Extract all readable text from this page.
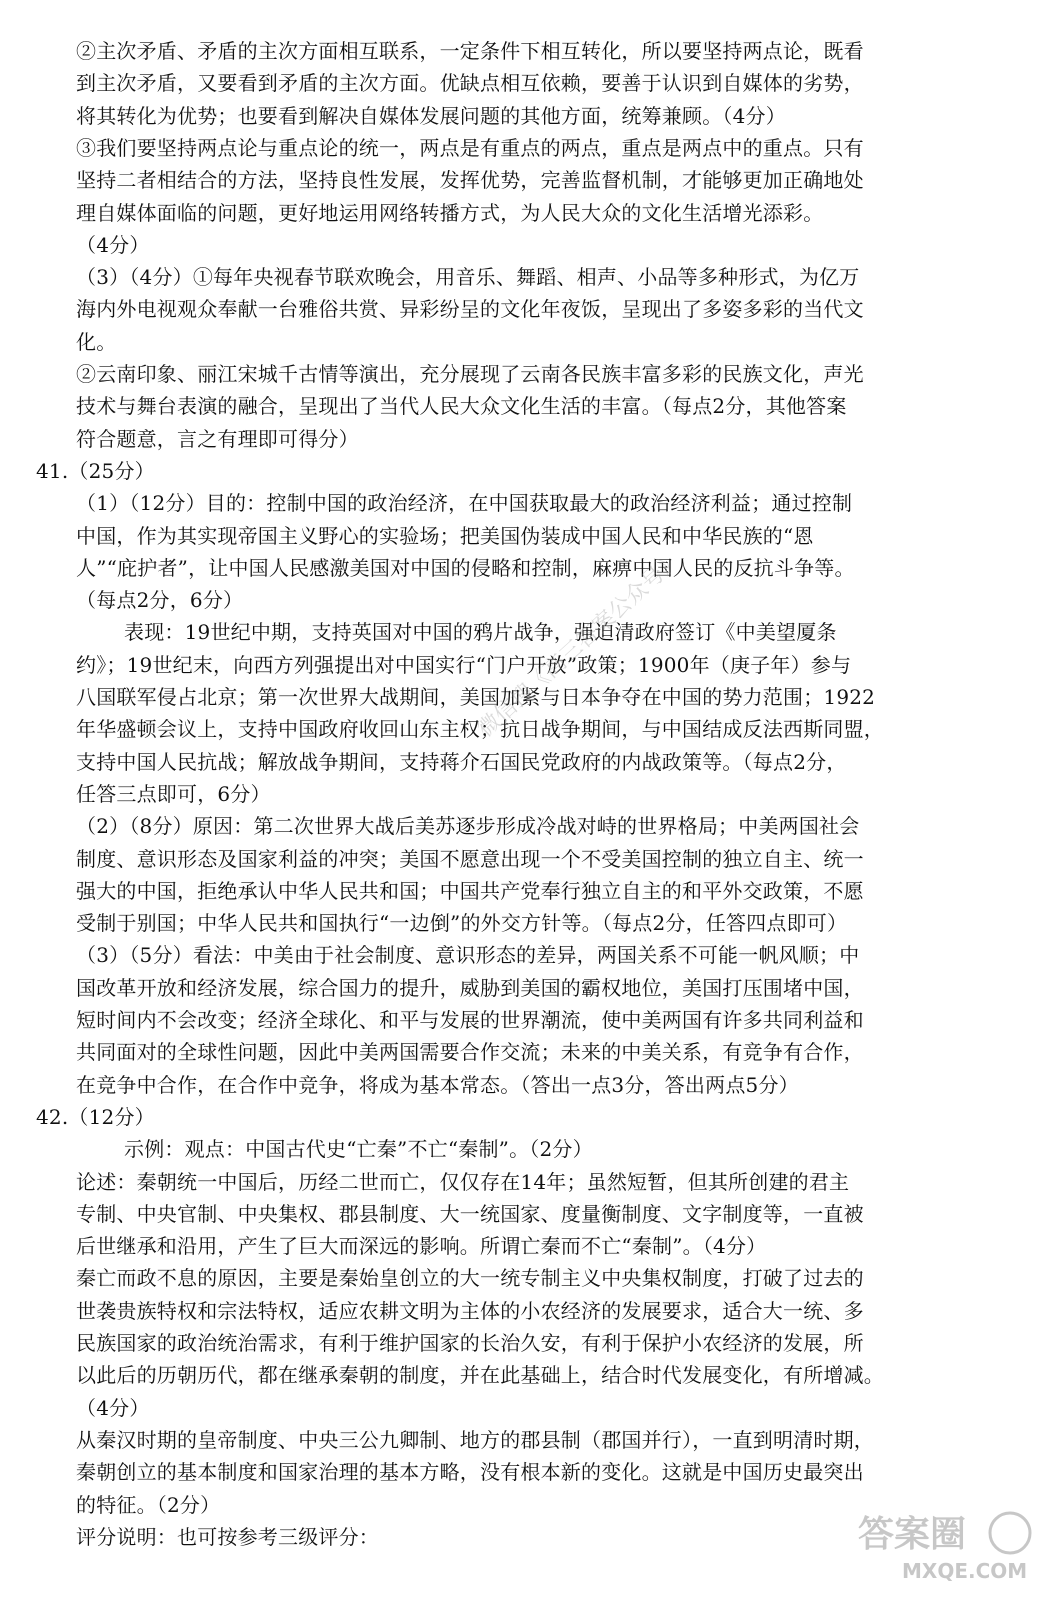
②主次矛盾、矛盾的主次方面相互联系，一定条件下相互转化，所以要坚持两点论，既看
到主次矛盾，又要看到矛盾的主次方面。优缺点相互依赖，要善于认识到自媒体的劣势，
将其转化为优势；也要看到解决自媒体发展问题的其他方面，统筹兼顾。（4分）
③我们要坚持两点论与重点论的统一，两点是有重点的两点，重点是两点中的重点。只有
坚持二者相结合的方法，坚持良性发展，发挥优势，完善监督机制，才能够更加正确地处
理自媒体面临的问题，更好地运用网络转播方式，为人民大众的文化生活增光添彩。
（4分）
（3）（4分）①每年央视春节联欢晚会，用音乐、舞蹈、相声、小品等多种形式，为亿万
海内外电视观众奉献一台雅俗共赏、异彩纷呈的文化年夜饭，呈现出了多姿多彩的当代文
化。
②云南印象、丽江宋城千古情等演出，充分展现了云南各民族丰富多彩的民族文化，声光
技术与舞台表演的融合，呈现出了当代人民大众文化生活的丰富。（每点2分，其他答案
符合题意，言之有理即可得分）
41.（25分）
（1）（12分）目的：控制中国的政治经济，在中国获取最大的政治经济利益；通过控制
中国，作为其实现帝国主义野心的实验场；把美国伪装成中国人民和中华民族的“恩
人”“庇护者”，让中国人民感激美国对中国的侵略和控制，麻痹中国人民的反抗斗争等。
（每点2分，6分）
表现：19世纪中期，支持英国对中国的鸦片战争，强迫清政府签订《中美望厦条
约》；19世纪末，向西方列强提出对中国实行“门户开放”政策；1900年（庚子年）参与
八国联军侵占北京；第一次世界大战期间，美国加紧与日本争夺在中国的势力范围；1922
年华盛顿会议上，支持中国政府收回山东主权；抗日战争期间，与中国结成反法西斯同盟，
支持中国人民抗战；解放战争期间，支持蒋介石国民党政府的内战政策等。（每点2分，
任答三点即可，6分）
（2）（8分）原因：第二次世界大战后美苏逐步形成冷战对峙的世界格局；中美两国社会
制度、意识形态及国家利益的冲突；美国不愿意出现一个不受美国控制的独立自主、统一
强大的中国，拒绝承认中华人民共和国；中国共产党奉行独立自主的和平外交政策，不愿
受制于别国；中华人民共和国执行“一边倒”的外交方针等。（每点2分，任答四点即可）
（3）（5分）看法：中美由于社会制度、意识形态的差异，两国关系不可能一帆风顺；中
国改革开放和经济发展，综合国力的提升，威胁到美国的霸权地位，美国打压围堵中国，
短时间内不会改变；经济全球化、和平与发展的世界潮流，使中美两国有许多共同利益和
共同面对的全球性问题，因此中美两国需要合作交流；未来的中美关系，有竞争有合作，
在竞争中合作，在合作中竞争，将成为基本常态。（答出一点3分，答出两点5分）
42.（12分）
示例：观点：中国古代史“亡秦”不亡“秦制”。（2分）
论述：秦朝统一中国后，历经二世而亡，仅仅存在14年；虽然短暂，但其所创建的君主
专制、中央官制、中央集权、郡县制度、大一统国家、度量衡制度、文字制度等，一直被
后世继承和沿用，产生了巨大而深远的影响。所谓亡秦而不亡“秦制”。（4分）
秦亡而政不息的原因，主要是秦始皇创立的大一统专制主义中央集权制度，打破了过去的
世袭贵族特权和宗法特权，适应农耕文明为主体的小农经济的发展要求，适合大一统、多
民族国家的政治统治需求，有利于维护国家的长治久安，有利于保护小农经济的发展，所
以此后的历朝历代，都在继承秦朝的制度，并在此基础上，结合时代发展变化，有所增减。
（4分）
从秦汉时期的皇帝制度、中央三公九卿制、地方的郡县制（郡国并行），一直到明清时期，
秦朝创立的基本制度和国家治理的基本方略，没有根本新的变化。这就是中国历史最突出
的特征。（2分）
评分说明：也可按参考三级评分：
微信搜《高三答案公众号》
答案圈
MXQE.COM
